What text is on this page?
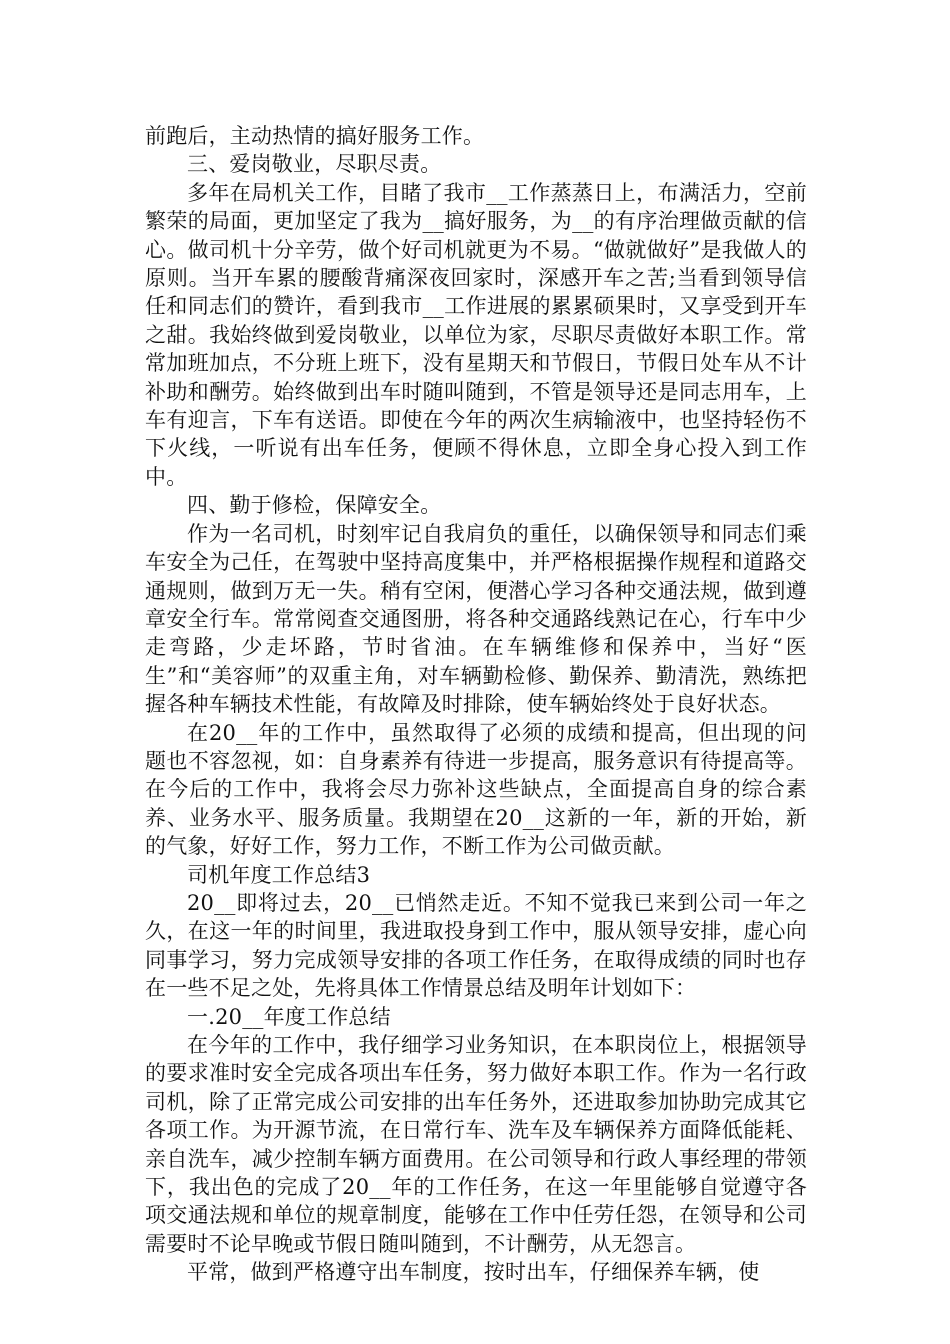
前跑后，主动热情的搞好服务工作。

三、爱岗敬业，尽职尽责。

多年在局机关工作，目睹了我市__工作蒸蒸日上，布满活力，空前繁荣的局面，更加坚定了我为__搞好服务，为__的有序治理做贡献的信心。做司机十分辛劳，做个好司机就更为不易。“做就做好”是我做人的原则。当开车累的腰酸背痛深夜回家时，深感开车之苦;当看到领导信任和同志们的赞许，看到我市__工作进展的累累硕果时，又享受到开车之甜。我始终做到爱岗敬业，以单位为家，尽职尽责做好本职工作。常常加班加点，不分班上班下，没有星期天和节假日，节假日处车从不计补助和酬劳。始终做到出车时随叫随到，不管是领导还是同志用车，上车有迎言，下车有送语。即使在今年的两次生病输液中，也坚持轻伤不下火线，一听说有出车任务，便顾不得休息，立即全身心投入到工作中。

四、勤于修检，保障安全。

作为一名司机，时刻牢记自我肩负的重任，以确保领导和同志们乘车安全为己任，在驾驶中坚持高度集中，并严格根据操作规程和道路交通规则，做到万无一失。稍有空闲，便潜心学习各种交通法规，做到遵章安全行车。常常阅查交通图册，将各种交通路线熟记在心，行车中少走弯路，少走坏路，节时省油。在车辆维修和保养中，当好“医生”和“美容师”的双重主角，对车辆勤检修、勤保养、勤清洗，熟练把握各种车辆技术性能，有故障及时排除，使车辆始终处于良好状态。

在20__年的工作中，虽然取得了必须的成绩和提高，但出现的问题也不容忽视，如：自身素养有待进一步提高，服务意识有待提高等。在今后的工作中，我将会尽力弥补这些缺点，全面提高自身的综合素养、业务水平、服务质量。我期望在20__这新的一年，新的开始，新的气象，好好工作，努力工作，不断工作为公司做贡献。

司机年度工作总结3

20__即将过去，20__已悄然走近。不知不觉我已来到公司一年之久，在这一年的时间里，我进取投身到工作中，服从领导安排，虚心向同事学习，努力完成领导安排的各项工作任务，在取得成绩的同时也存在一些不足之处，先将具体工作情景总结及明年计划如下：

一.20__年度工作总结

在今年的工作中，我仔细学习业务知识，在本职岗位上，根据领导的要求准时安全完成各项出车任务，努力做好本职工作。作为一名行政司机，除了正常完成公司安排的出车任务外，还进取参加协助完成其它各项工作。为开源节流，在日常行车、洗车及车辆保养方面降低能耗、亲自洗车，减少控制车辆方面费用。在公司领导和行政人事经理的带领下，我出色的完成了20__年的工作任务，在这一年里能够自觉遵守各项交通法规和单位的规章制度，能够在工作中任劳任怨，在领导和公司需要时不论早晚或节假日随叫随到，不计酬劳，从无怨言。

平常，做到严格遵守出车制度，按时出车，仔细保养车辆，使
